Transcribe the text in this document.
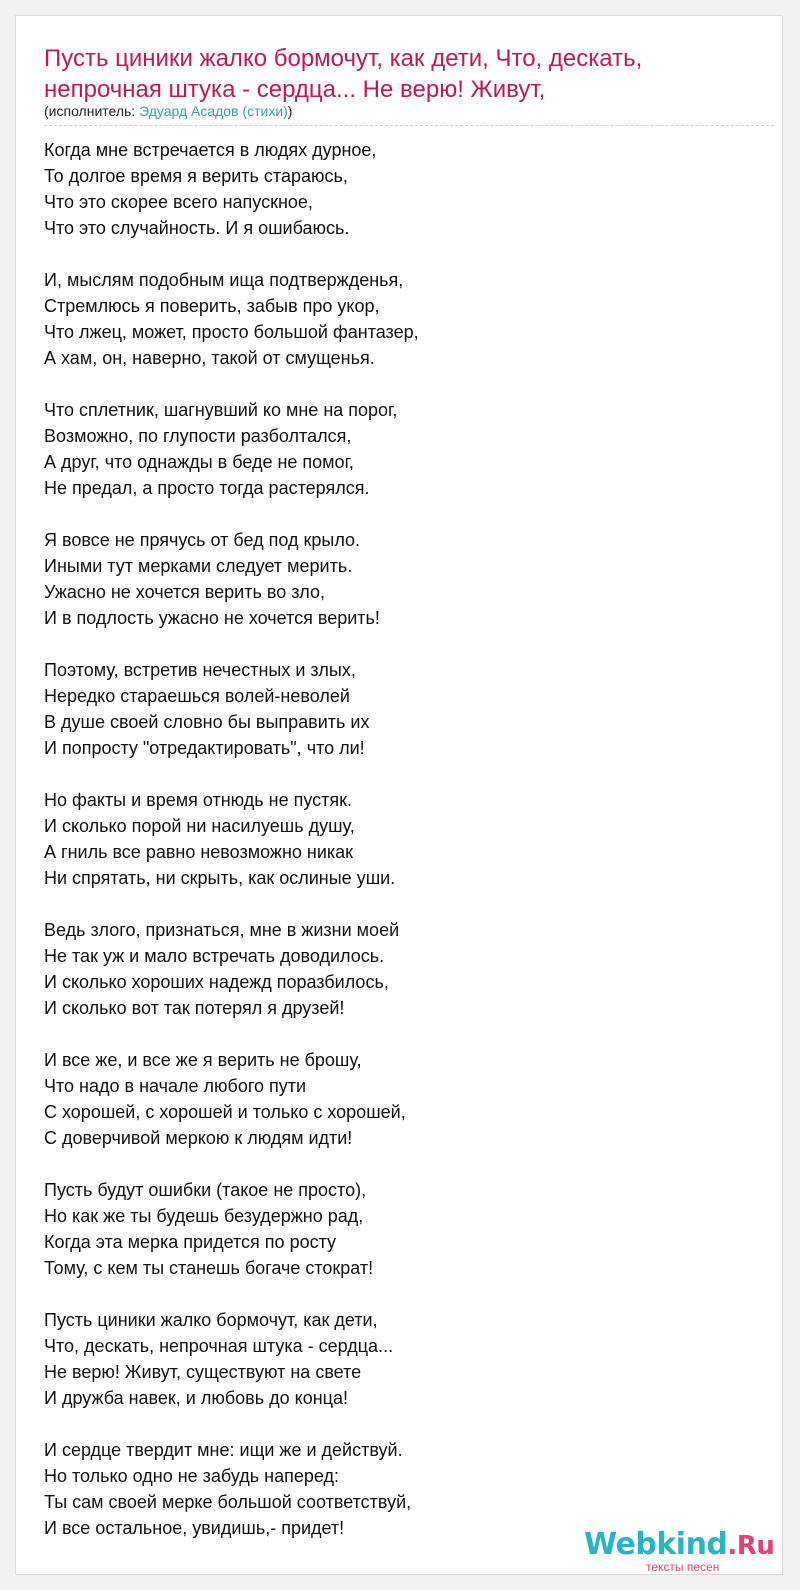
Пусть циники жалко бормочут, как дети, Что, дескать, непрочная штука - сердца... Не верю! Живут,
(исполнитель: Эдуард Асадов (стихи))
Когда мне встречается в людях дурное,
То долгое время я верить стараюсь,
Что это скорее всего напускное,
Что это случайность. И я ошибаюсь.
И, мыслям подобным ища подтвержденья,
Стремлюсь я поверить, забыв про укор,
Что лжец, может, просто большой фантазер,
А хам, он, наверно, такой от смущенья.
Что сплетник, шагнувший ко мне на порог,
Возможно, по глупости разболтался,
А друг, что однажды в беде не помог,
Не предал, а просто тогда растерялся.
Я вовсе не прячусь от бед под крыло.
Иными тут мерками следует мерить.
Ужасно не хочется верить во зло,
И в подлость ужасно не хочется верить!
Поэтому, встретив нечестных и злых,
Нередко стараешься волей-неволей
В душе своей словно бы выправить их
И попросту "отредактировать", что ли!
Но факты и время отнюдь не пустяк.
И сколько порой ни насилуешь душу,
А гниль все равно невозможно никак
Ни спрятать, ни скрыть, как ослиные уши.
Ведь злого, признаться, мне в жизни моей
Не так уж и мало встречать доводилось.
И сколько хороших надежд поразбилось,
И сколько вот так потерял я друзей!
И все же, и все же я верить не брошу,
Что надо в начале любого пути
С хорошей, с хорошей и только с хорошей,
С доверчивой меркою к людям идти!
Пусть будут ошибки (такое не просто),
Но как же ты будешь безудержно рад,
Когда эта мерка придется по росту
Тому, с кем ты станешь богаче стократ!
Пусть циники жалко бормочут, как дети,
Что, дескать, непрочная штука - сердца...
Не верю! Живут, существуют на свете
И дружба навек, и любовь до конца!
И сердце твердит мне: ищи же и действуй.
Но только одно не забудь наперед:
Ты сам своей мерке большой соответствуй,
И все остальное, увидишь,- придет!	Webkind.Ru
тексты песен
